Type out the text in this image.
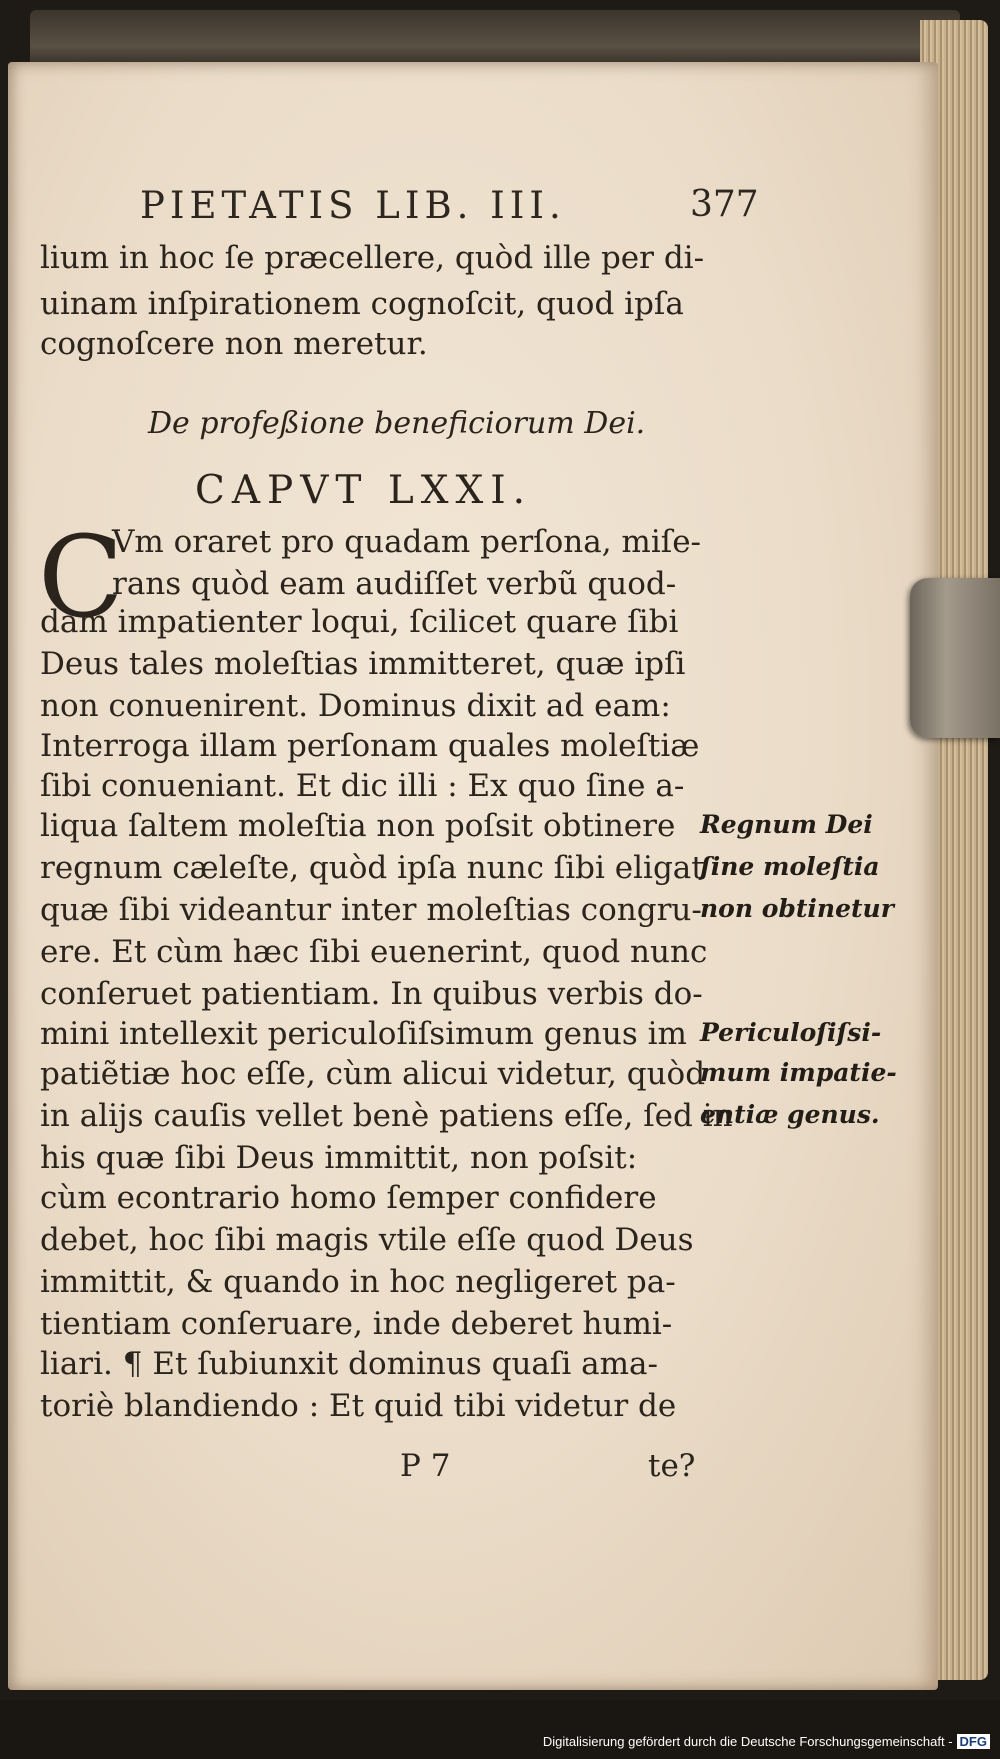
PIETATIS LIB. III.	377
lium in hoc ſe præcellere, quòd ille per di-
uinam inſpirationem cognoſcit, quod ipſa
cognoſcere non meretur.
De profeßione beneficiorum Dei.
CAPVT LXXI.
C
Vm oraret pro quadam perſona, miſe-
rans quòd eam audiſſet verbũ quod-
dam impatienter loqui, ſcilicet quare ſibi
Deus tales moleſtias immitteret, quæ ipſi
non conuenirent. Dominus dixit ad eam:
Interroga illam perſonam quales moleſtiæ
ſibi conueniant. Et dic illi : Ex quo ſine a-
liqua ſaltem moleſtia non poſsit obtinere
regnum cæleſte, quòd ipſa nunc ſibi eligat
quæ ſibi videantur inter moleſtias congru-
ere. Et cùm hæc ſibi euenerint, quod nunc
conſeruet patientiam. In quibus verbis do-
mini intellexit periculoſiſsimum genus im
patiẽtiæ hoc eſſe, cùm alicui videtur, quòd
in alijs cauſis vellet benè patiens eſſe, ſed in
his quæ ſibi Deus immittit, non poſsit:
cùm econtrario homo ſemper confidere
debet, hoc ſibi magis vtile eſſe quod Deus
immittit, & quando in hoc negligeret pa-
tientiam conſeruare, inde deberet humi-
liari. ¶ Et ſubiunxit dominus quaſi ama-
toriè blandiendo : Et quid tibi videtur de
Regnum Dei
ſine moleſtia
non obtinetur
Periculoſiſsi-
mum impatie-
entiæ genus.
P 7	te?
Digitalisierung gefördert durch die Deutsche Forschungsgemeinschaft - DFG
